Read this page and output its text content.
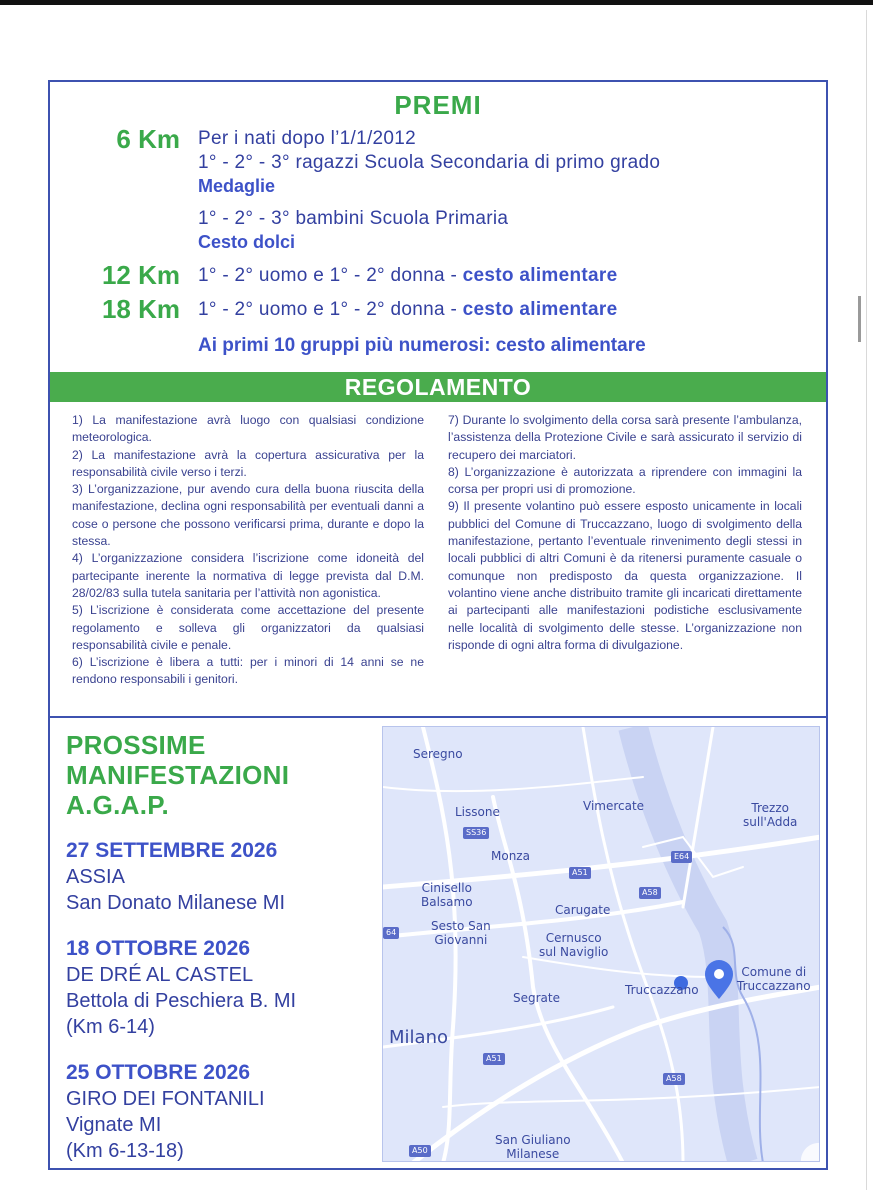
PREMI
6 Km Per i nati dopo l’1/1/2012
1° - 2° - 3° ragazzi Scuola Secondaria di primo grado
Medaglie
1° - 2° - 3° bambini Scuola Primaria
Cesto dolci
12 Km 1° - 2° uomo e 1° - 2° donna - cesto alimentare
18 Km 1° - 2° uomo e 1° - 2° donna - cesto alimentare
Ai primi 10 gruppi più numerosi: cesto alimentare
REGOLAMENTO

1) La manifestazione avrà luogo con qualsiasi condizione meteorologica.

2) La manifestazione avrà la copertura assicurativa per la responsabilità civile verso i terzi.

3) L’organizzazione, pur avendo cura della buona riuscita della manifestazione, declina ogni responsabilità per eventuali danni a cose o persone che possono verificarsi prima, durante e dopo la stessa.

4) L’organizzazione considera l’iscrizione come idoneità del partecipante inerente la normativa di legge prevista dal D.M. 28/02/83 sulla tutela sanitaria per l’attività non agonistica.

5) L’iscrizione è considerata come accettazione del presente regolamento e solleva gli organizzatori da qualsiasi responsabilità civile e penale.

6) L’iscrizione è libera a tutti: per i minori di 14 anni se ne rendono responsabili i genitori.

7) Durante lo svolgimento della corsa sarà presente l’ambulanza, l’assistenza della Protezione Civile e sarà assicurato il servizio di recupero dei marciatori.

8) L’organizzazione è autorizzata a riprendere con immagini la corsa per propri usi di promozione.

9) Il presente volantino può essere esposto unicamente in locali pubblici del Comune di Truccazzano, luogo di svolgimento della manifestazione, pertanto l’eventuale rinvenimento degli stessi in locali pubblici di altri Comuni è da ritenersi puramente casuale o comunque non predisposto da questa organizzazione. Il volantino viene anche distribuito tramite gli incaricati direttamente ai partecipanti alle manifestazioni podistiche esclusivamente nelle località di svolgimento delle stesse. L’organizzazione non risponde di ogni altra forma di divulgazione.

PROSSIME
MANIFESTAZIONI
A.G.A.P.
27 SETTEMBRE 2026
ASSIA
San Donato Milanese MI
18 OTTOBRE 2026
DE DRÉ AL CASTEL
Bettola di Peschiera B. MI
(Km 6-14)
25 OTTOBRE 2026
GIRO DEI FONTANILI
Vignate MI
(Km 6-13-18)
Seregno
Lissone	Vimercate	Trezzo
sull'Adda
Monza
Cinisello
Balsamo
Carugate
Sesto San
Giovanni	Cernusco
sul Naviglio
Comune di
Truccazzano
Truccazzano
Segrate
Milano
San Giuliano
Milanese
SS36
E64
A51
A58
64
A51
A58
A50
